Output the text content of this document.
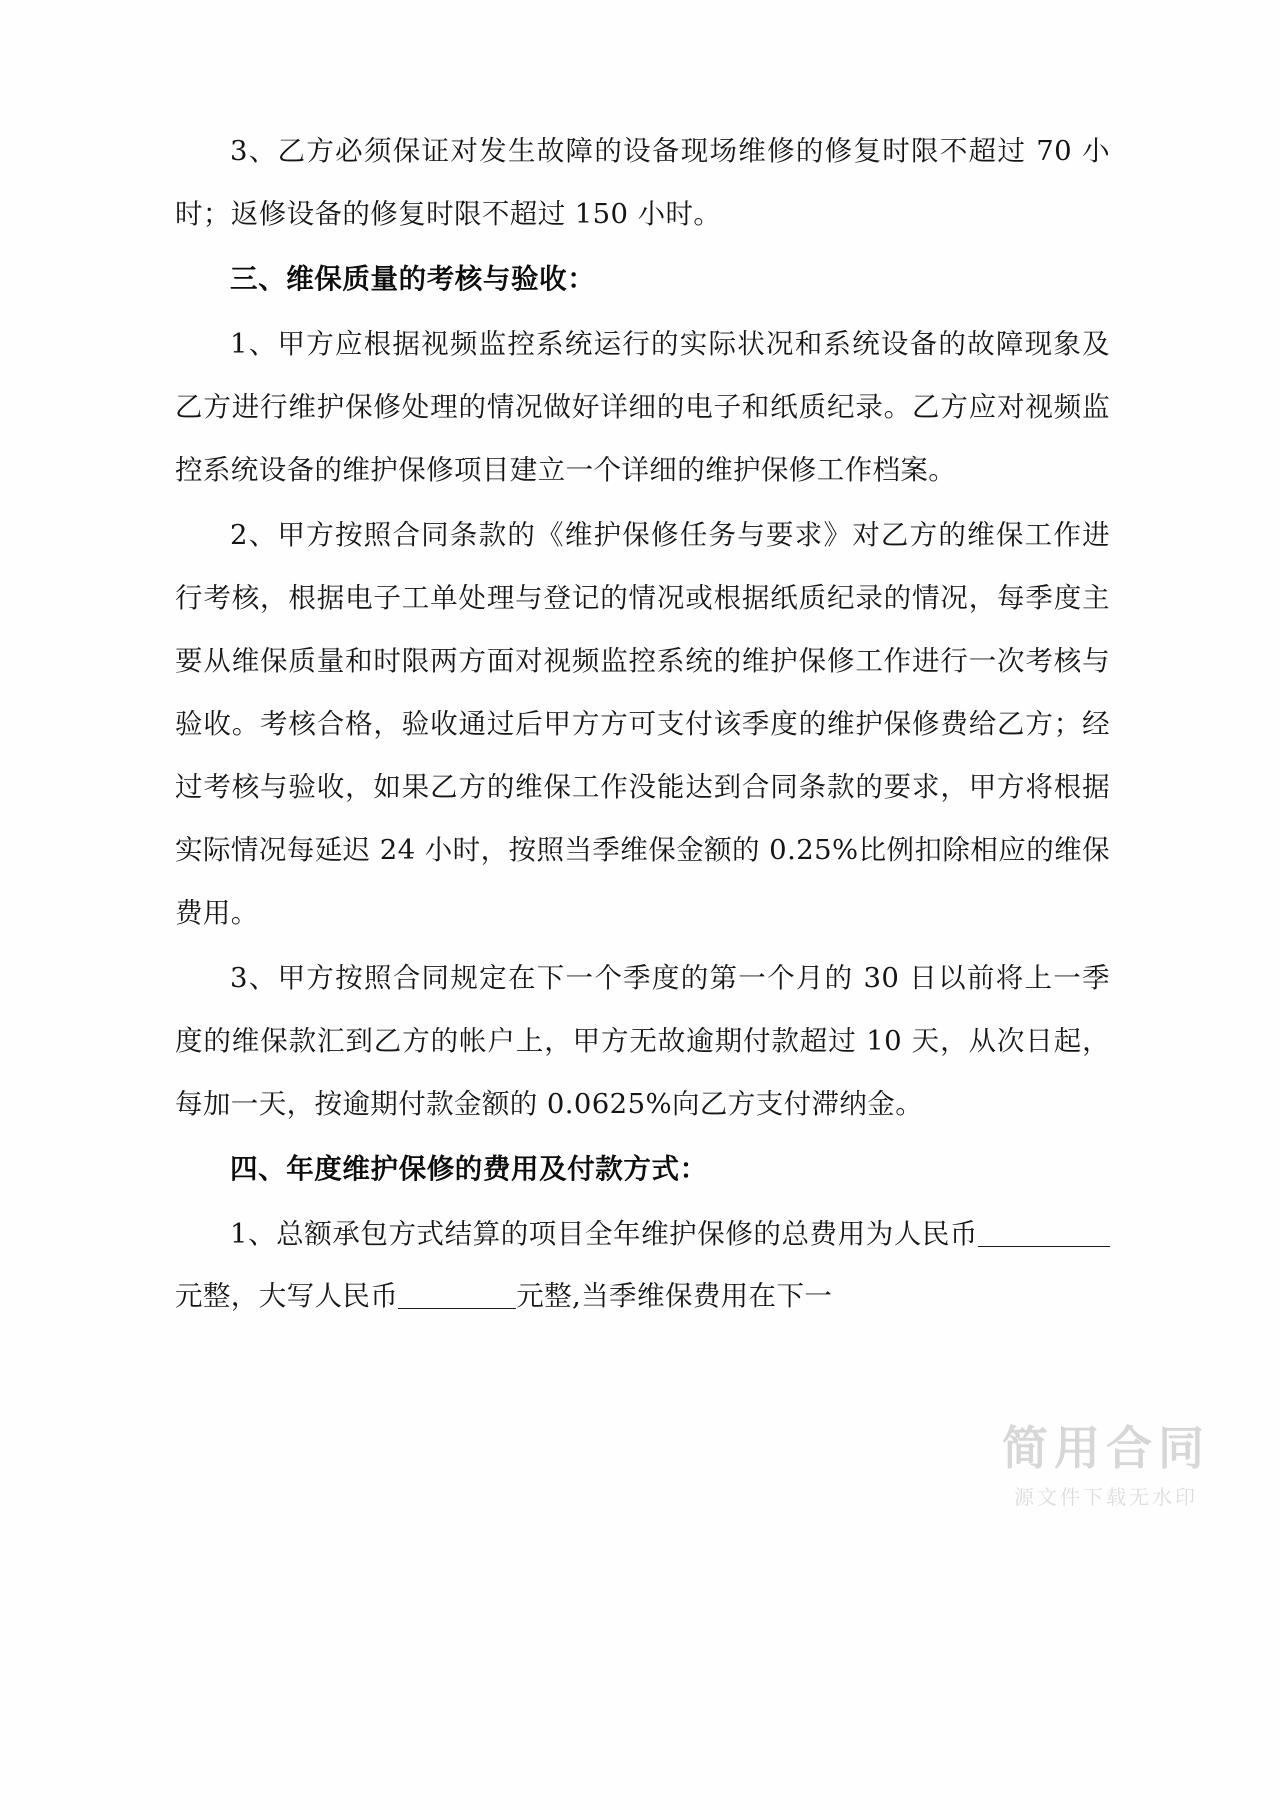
3、乙方必须保证对发生故障的设备现场维修的修复时限不超过 70 小时；返修设备的修复时限不超过 150 小时。

三、维保质量的考核与验收：

1、甲方应根据视频监控系统运行的实际状况和系统设备的故障现象及乙方进行维护保修处理的情况做好详细的电子和纸质纪录。乙方应对视频监控系统设备的维护保修项目建立一个详细的维护保修工作档案。

2、甲方按照合同条款的《维护保修任务与要求》对乙方的维保工作进行考核，根据电子工单处理与登记的情况或根据纸质纪录的情况，每季度主要从维保质量和时限两方面对视频监控系统的维护保修工作进行一次考核与验收。考核合格，验收通过后甲方方可支付该季度的维护保修费给乙方；经过考核与验收，如果乙方的维保工作没能达到合同条款的要求，甲方将根据实际情况每延迟 24 小时，按照当季维保金额的 0.25%比例扣除相应的维保费用。

3、甲方按照合同规定在下一个季度的第一个月的 30 日以前将上一季度的维保款汇到乙方的帐户上，甲方无故逾期付款超过 10 天，从次日起，每加一天，按逾期付款金额的 0.0625%向乙方支付滞纳金。

四、年度维护保修的费用及付款方式：

1、总额承包方式结算的项目全年维护保修的总费用为人民币元整，大写人民币	元整,当季维保费用在下一

简用合同
源文件下载无水印
